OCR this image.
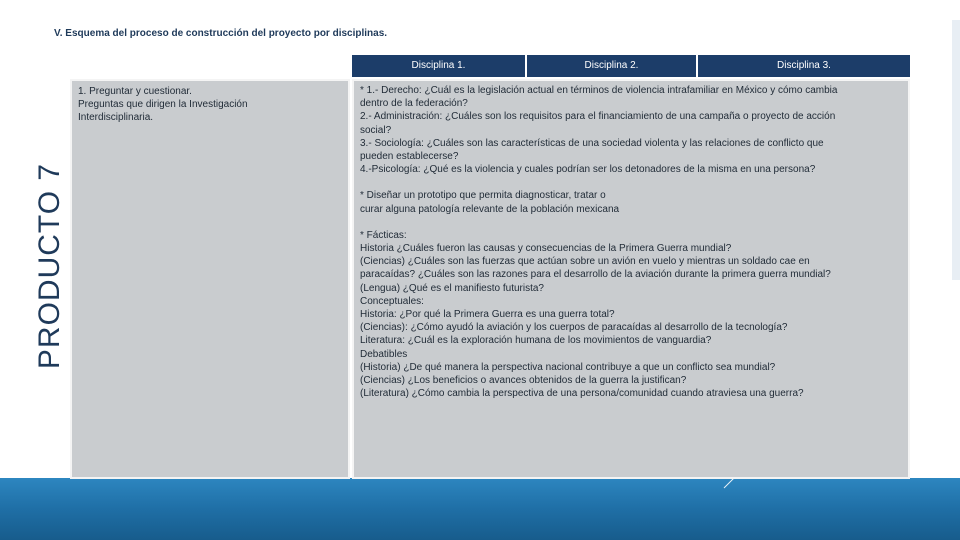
V. Esquema del proceso de construcción del proyecto por disciplinas.
PRODUCTO 7
Disciplina 1.	Disciplina 2.	Disciplina 3.

1. Preguntar y cuestionar.
Preguntas que dirigen la Investigación
Interdisciplinaria.

* 1.- Derecho: ¿Cuál es la legislación actual en términos de violencia intrafamiliar en México y cómo cambia
dentro de la federación?
2.- Administración: ¿Cuáles son los requisitos para el financiamiento de una campaña o proyecto de acción
social?
3.- Sociología: ¿Cuáles son las características de una sociedad violenta y las relaciones de conflicto que
pueden establecerse?
4.-Psicología: ¿Qué es la violencia y cuales podrían ser los detonadores de la misma en una persona?

* Diseñar un prototipo que permita diagnosticar, tratar o
curar alguna patología relevante de la población mexicana

* Fácticas:
Historia ¿Cuáles fueron las causas y consecuencias de la Primera Guerra mundial?
(Ciencias) ¿Cuáles son las fuerzas que actúan sobre un avión en vuelo y mientras un soldado cae en
paracaídas? ¿Cuáles son las razones para el desarrollo de la aviación durante la primera guerra mundial?
(Lengua) ¿Qué es el manifiesto futurista?
Conceptuales:
Historia: ¿Por qué la Primera Guerra es una guerra total?
(Ciencias): ¿Cómo ayudó la aviación y los cuerpos de paracaídas al desarrollo de la tecnología?
Literatura: ¿Cuál es la exploración humana de los movimientos de vanguardia?
Debatibles
(Historia) ¿De qué manera la perspectiva nacional contribuye a que un conflicto sea mundial?
(Ciencias) ¿Los beneficios o avances obtenidos de la guerra la justifican?
(Literatura) ¿Cómo cambia la perspectiva de una persona/comunidad cuando atraviesa una guerra?
